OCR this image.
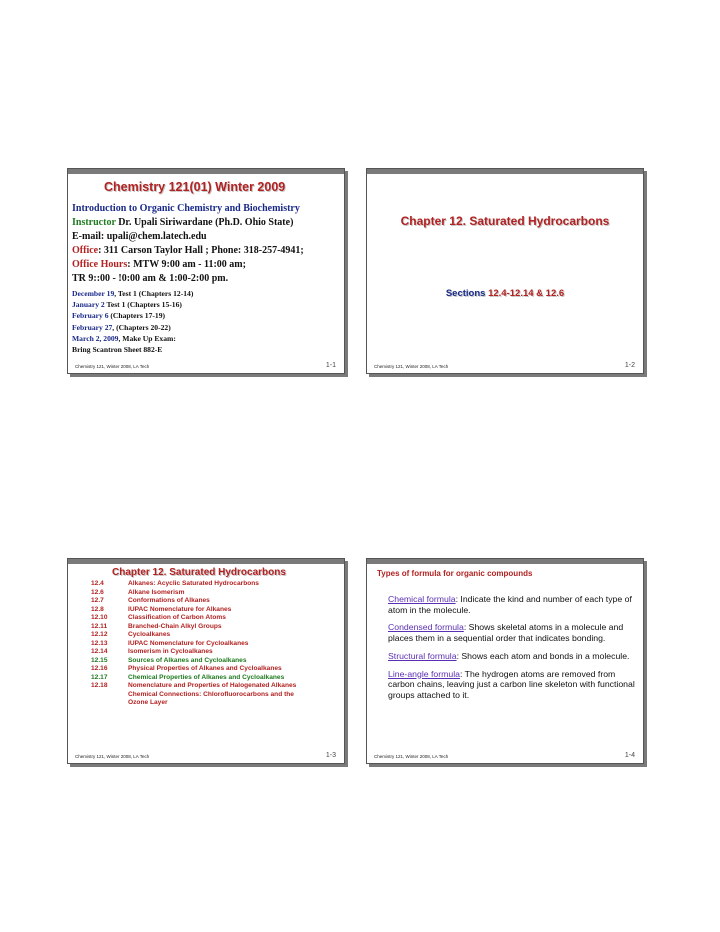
Chemistry 121(01) Winter 2009
Introduction to Organic Chemistry and Biochemistry
Instructor Dr. Upali Siriwardane (Ph.D. Ohio State)
E-mail: upali@chem.latech.edu
Office: 311 Carson Taylor Hall ; Phone: 318-257-4941;
Office Hours: MTW 9:00 am - 11:00 am;
TR 9::00 - !0:00 am & 1:00-2:00 pm.
December 19, Test 1 (Chapters 12-14)
January 2 Test 1 (Chapters 15-16)
February 6 (Chapters 17-19)
February 27, (Chapters 20-22)
March 2, 2009, Make Up Exam:
Bring Scantron Sheet 882-E
Chemistry 121, Winter 2008, LA Tech	1-1
Chapter 12. Saturated Hydrocarbons
Sections 12.4-12.14 & 12.6
Chemistry 121, Winter 2008, LA Tech	1-2
Chapter 12. Saturated Hydrocarbons
12.4	Alkanes: Acyclic Saturated Hydrocarbons
12.6	Alkane Isomerism
12.7	Conformations of Alkanes
12.8	IUPAC Nomenclature for Alkanes
12.10	Classification of Carbon Atoms
12.11	Branched-Chain Alkyl Groups
12.12	Cycloalkanes
12.13	IUPAC Nomenclature for Cycloalkanes
12.14	Isomerism in Cycloalkanes
12.15	Sources of Alkanes and Cycloalkanes
12.16	Physical Properties of Alkanes and Cycloalkanes
12.17	Chemical Properties of Alkanes and Cycloalkanes
12.18	Nomenclature and Properties of Halogenated Alkanes
Chemical Connections: Chlorofluorocarbons and the
Ozone Layer
Chemistry 121, Winter 2008, LA Tech	1-3
Types of formula for organic compounds

Chemical formula: Indicate the kind and number of each type of atom in the molecule.

Condensed formula: Shows skeletal atoms in a molecule and places them in a sequential order that indicates bonding.

Structural formula: Shows each atom and bonds in a molecule.

Line-angle formula: The hydrogen atoms are removed from carbon chains, leaving just a carbon line skeleton with functional groups attached to it.

Chemistry 121, Winter 2008, LA Tech	1-4
